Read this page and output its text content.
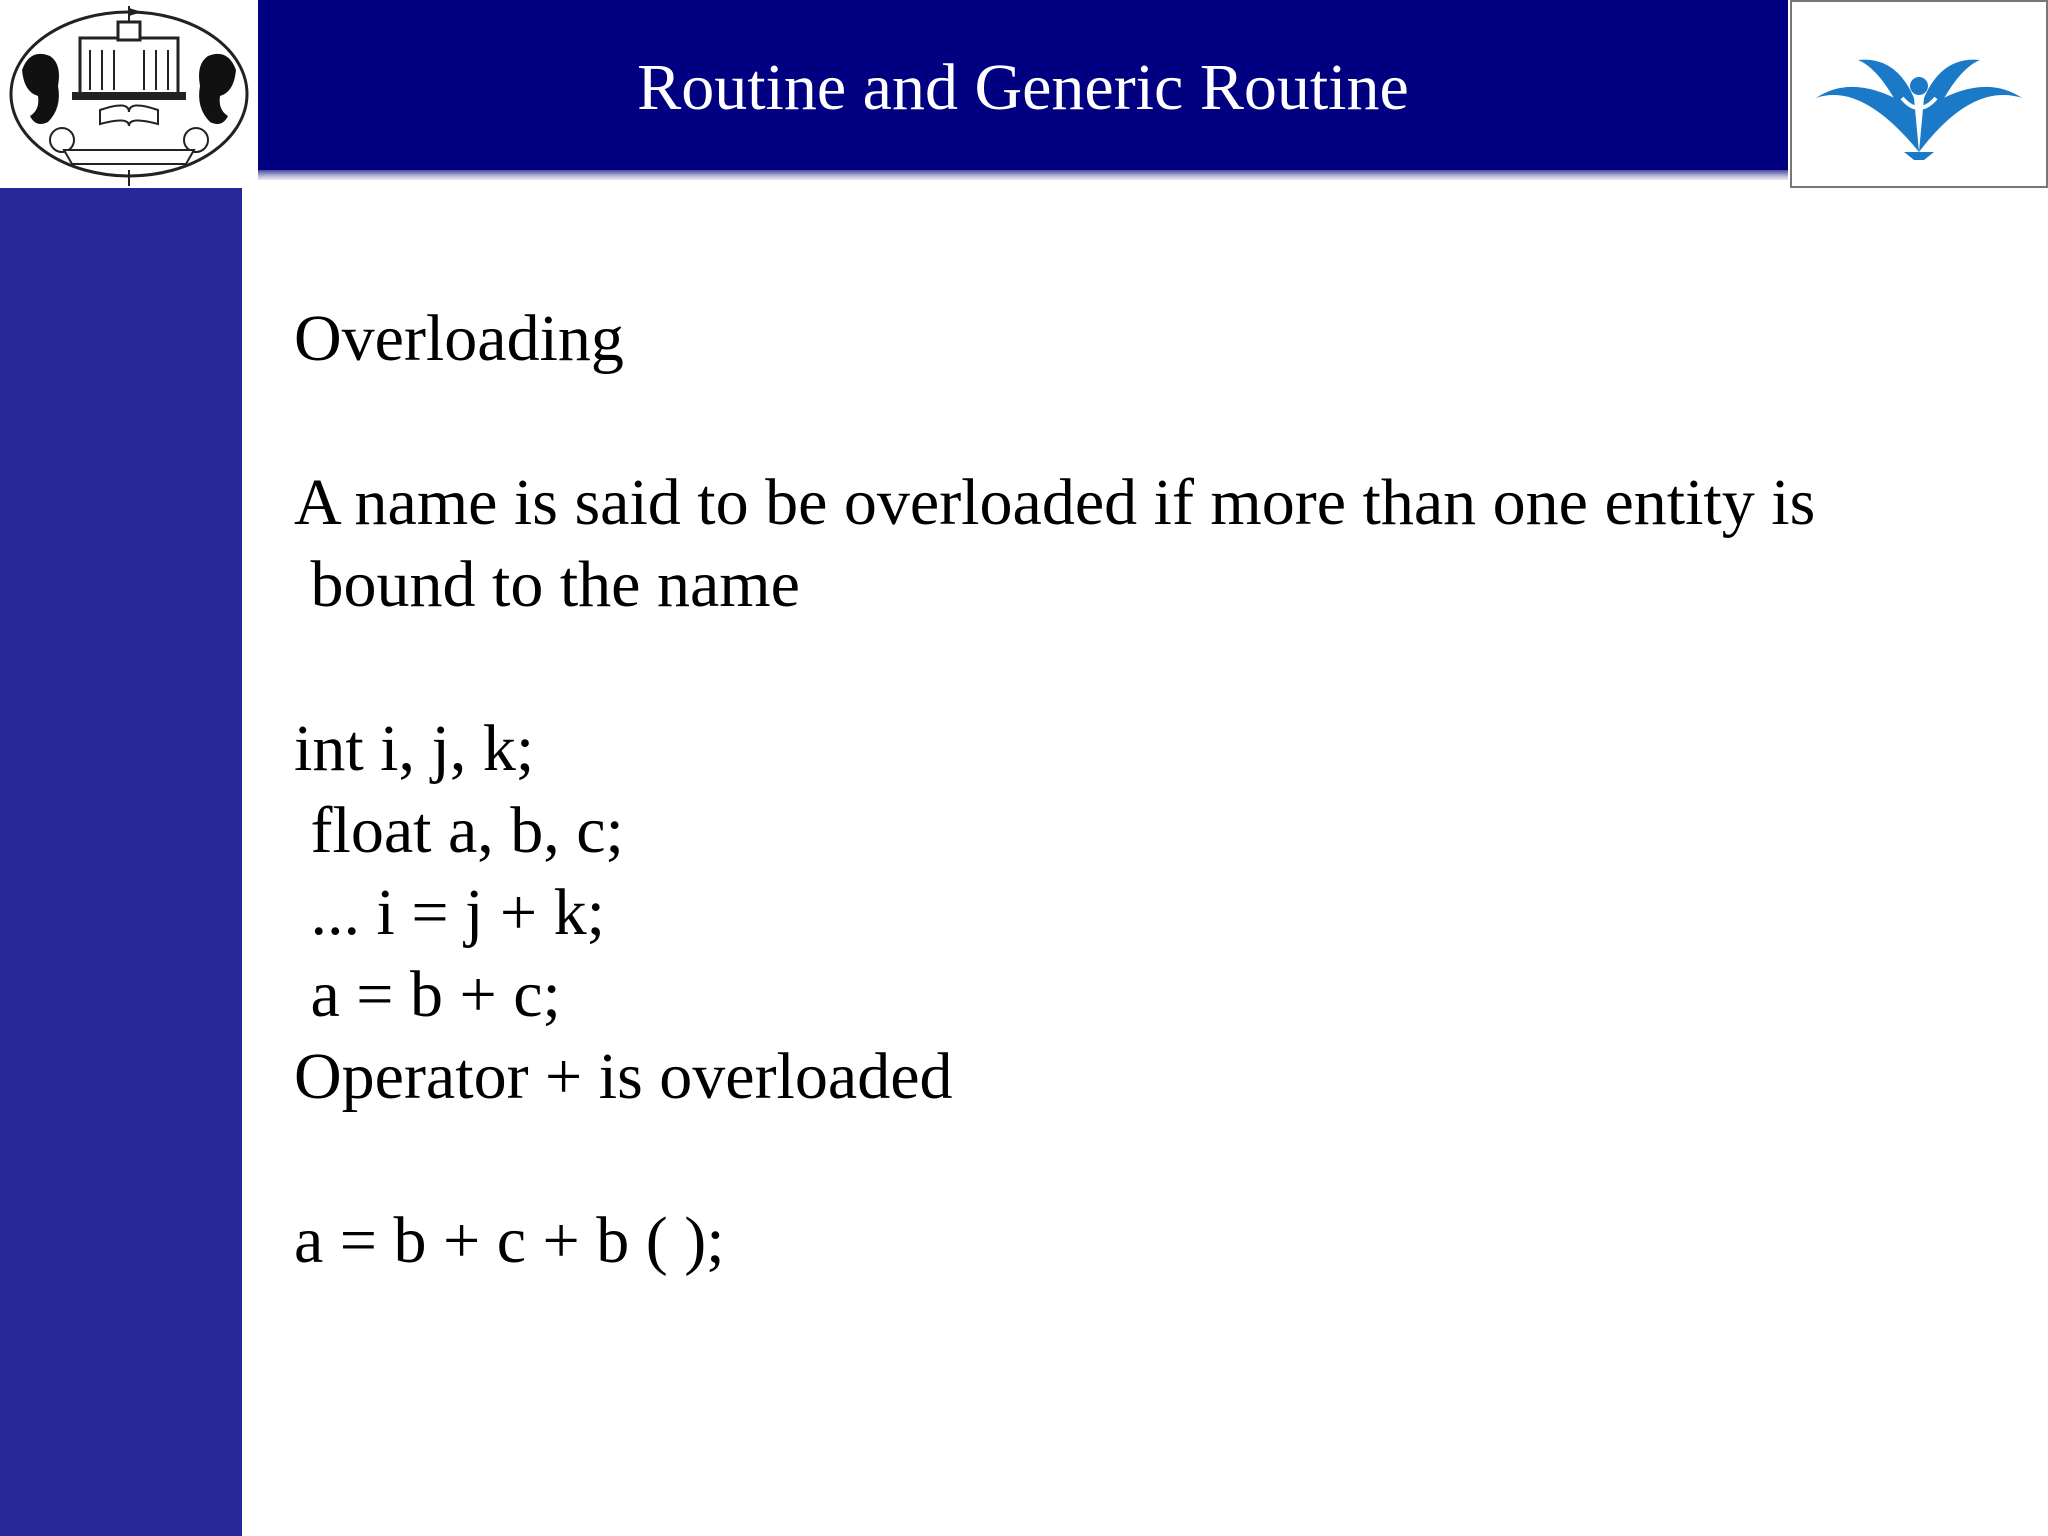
Routine and Generic Routine
Overloading
A name is said to be overloaded if more than one entity is
bound to the name
int i, j, k;
float a, b, c;
... i = j + k;
a = b + c;
Operator + is overloaded
a = b + c + b ( );
